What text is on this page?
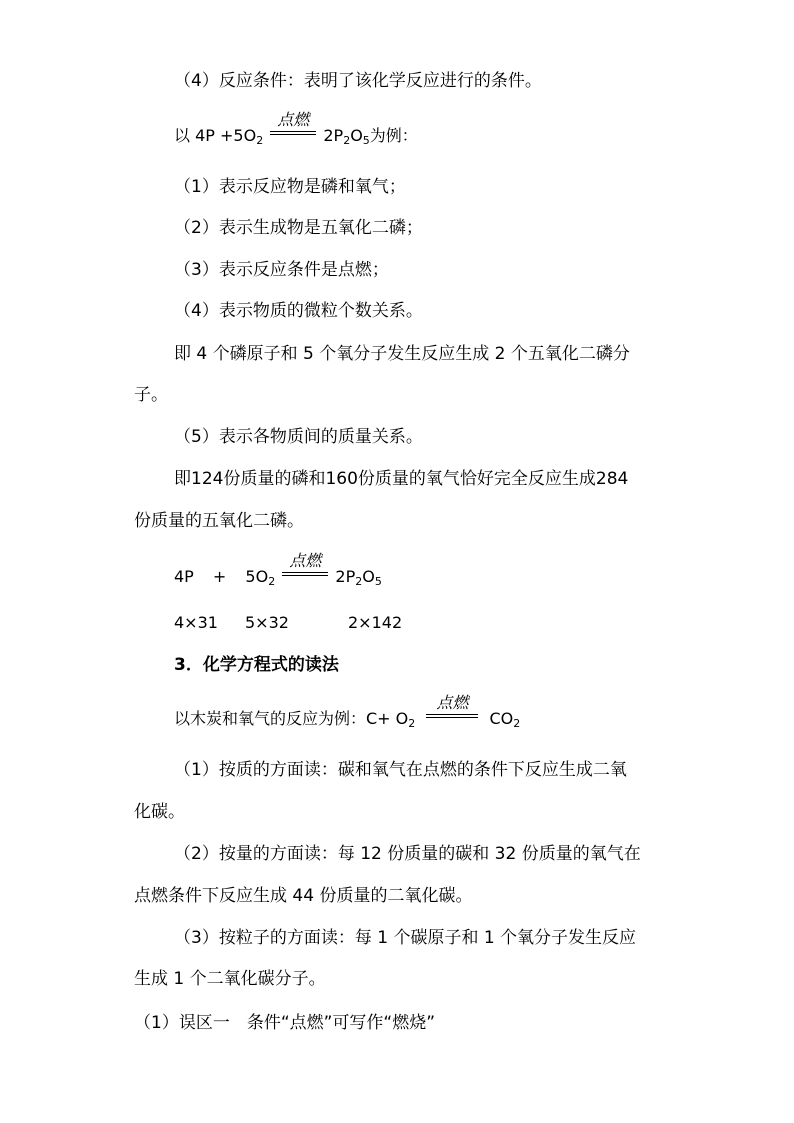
（4）反应条件：表明了该化学反应进行的条件。
以 $4P +5O_2$
点燃
$2P_2O_5$为例：
（1）表示反应物是磷和氧气；
（2）表示生成物是五氧化二磷；
（3）表示反应条件是点燃；
（4）表示物质的微粒个数关系。
即 4 个磷原子和 5 个氧分子发生反应生成 2 个五氧化二磷分
子。
（5）表示各物质间的质量关系。
即124份质量的磷和160份质量的氧气恰好完全反应生成284
份质量的五氧化二磷。
$4P + 5O_2$
点燃
$2P_2O_5$
4×31 5×32	2×142
3．化学方程式的读法
以木炭和氧气的反应为例：$C+ O_2$
点燃
$CO_2$
（1）按质的方面读：碳和氧气在点燃的条件下反应生成二氧
化碳。
（2）按量的方面读：每 12 份质量的碳和 32 份质量的氧气在
点燃条件下反应生成 44 份质量的二氧化碳。
（3）按粒子的方面读：每 1 个碳原子和 1 个氧分子发生反应
生成 1 个二氧化碳分子。
（1）误区一　条件“点燃”可写作“燃烧”
